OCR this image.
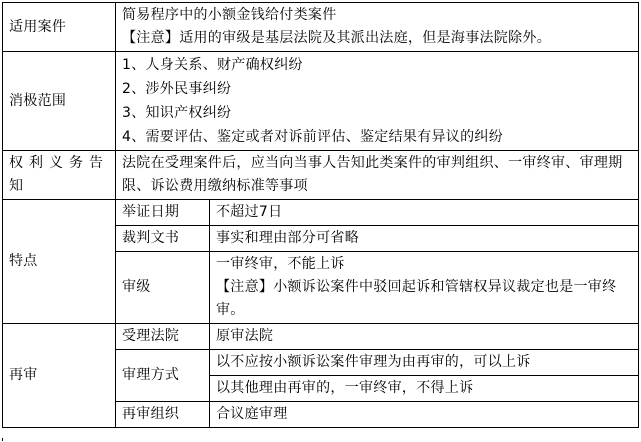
适用案件	简易程序中的小额金钱给付类案件
【注意】适用的审级是基层法院及其派出法庭，但是海事法院除外。	

消极范围	1、人身关系、财产确权纠纷
2、涉外民事纠纷
3、知识产权纠纷
4、需要评估、鉴定或者对诉前评估、鉴定结果有异议的纠纷	

权利义务告知	法院在受理案件后，应当向当事人告知此类案件的审判组织、一审终审、审理期限、诉讼费用缴纳标准等事项	
特点	举证日期	不超过7日
	裁判文书	事实和理由部分可省略
	审级	一审终审，不能上诉
【注意】小额诉讼案件中驳回起诉和管辖权异议裁定也是一审终审。

再审	受理法院	原审法院
	审理方式	以不应按小额诉讼案件审理为由再审的，可以上诉
		以其他理由再审的，一审终审，不得上诉
	再审组织	合议庭审理
